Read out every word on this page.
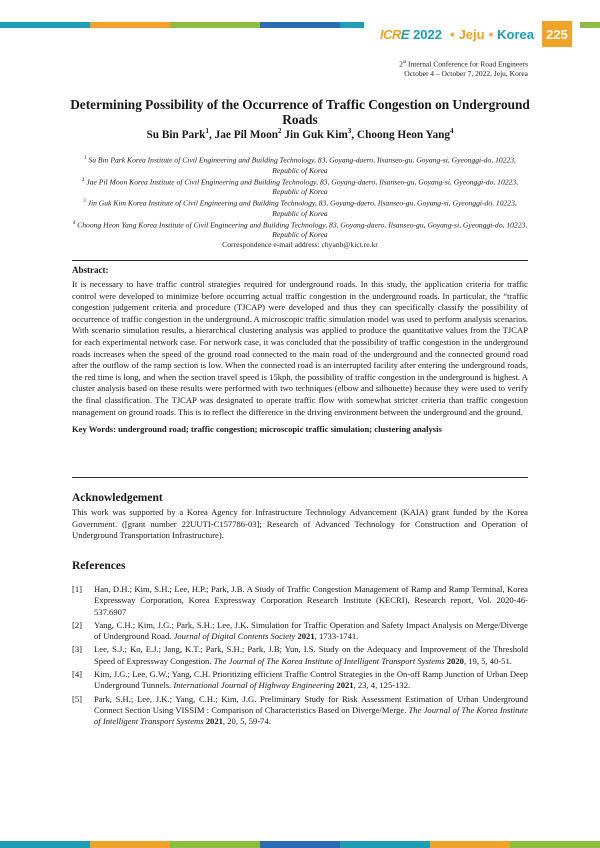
ICRE 2022 • Jeju • Korea 225
2st Internal Conference for Road Engineers
October 4 – October 7, 2022, Jeju, Korea
Determining Possibility of the Occurrence of Traffic Congestion on Underground Roads
Su Bin Park$^1$, Jae Pil Moon$^2$ Jin Guk Kim$^3$, Choong Heon Yang$^4$
$^1$ Su Bin Park Korea Institute of Civil Engineering and Building Technology, 83, Goyang-daero, Ilsanseo-gu, Goyang-si, Gyeonggi-do, 10223, Republic of Korea
$^2$ Jae Pil Moon Korea Institute of Civil Engineering and Building Technology, 83, Goyang-daero, Ilsanseo-gu, Goyang-si, Gyeonggi-do, 10223, Republic of Korea
$^3$ Jin Guk Kim Korea Institute of Civil Engineering and Building Technology, 83, Goyang-daero, Ilsanseo-gu, Goyang-si, Gyeonggi-do, 10223, Republic of Korea
$^4$ Choong Heon Yang Korea Institute of Civil Engineering and Building Technology, 83, Goyang-daero, Ilsanseo-gu, Goyang-si, Gyeonggi-do, 10223, Republic of Korea
Correspondence e-mail address: chyanb@kict.re.kr
Abstract:

It is necessary to have traffic control strategies required for underground roads. In this study, the application criteria for traffic control were developed to minimize before occurring actual traffic congestion in the underground roads. In particular, the “traffic congestion judgement criteria and procedure (TJCAP) were developed and thus they can specifically classify the possibility of occurrence of traffic congestion in the underground. A microscopic traffic simulation model was used to perform analysis scenarios. With scenario simulation results, a hierarchical clustering analysis was applied to produce the quantitative values from the TJCAP for each experimental network case. For network case, it was concluded that the possibility of traffic congestion in the underground roads increases when the speed of the ground road connected to the main road of the underground and the connected ground road after the outflow of the ramp section is low. When the connected road is an interrupted facility after entering the underground roads, the red time is long, and when the section travel speed is 15kph, the possibility of traffic congestion in the underground is highest. A cluster analysis based on these results were performed with two techniques (elbow and silhouette) because they were used to verify the final classification. The TJCAP was designated to operate traffic flow with somewhat stricter criteria than traffic congestion management on ground roads. This is to reflect the difference in the driving environment between the underground and the ground.

Key Words: underground road; traffic congestion; microscopic traffic simulation; clustering analysis

Acknowledgement

This work was supported by a Korea Agency for Infrastructure Technology Advancement (KAIA) grant funded by the Korea Government. ([grant number 22UUTI-C157786-03]; Research of Advanced Technology for Construction and Operation of Underground Transportation Infrastructure).

References
[1]	Han, D.H.; Kim, S.H.; Lee, H.P.; Park, J.B. A Study of Traffic Congestion Management of Ramp and Ramp Terminal, Korea Expressway Corporation, Korea Expressway Corporation Research Institute (KECRI), Research report, Vol. 2020-46-537.6907
[2]	Yang, C.H.; Kim, J.G.; Park, S.H.; Lee, J.K. Simulation for Traffic Operation and Safety Impact Analysis on Merge/Diverge of Underground Road. Journal of Digital Contents Society 2021, 1733-1741.
[3]	Lee, S.J.; Ko, E.J.; Jang, K.T.; Park, S.H.; Park, J.B; Yun, I.S. Study on the Adequacy and Improvement of the Threshold Speed of Expressway Congestion. The Journal of The Korea Institute of Intelligent Transport Systems 2020, 19, 5, 40-51.
[4]	Kim, J.G.; Lee, G.W.; Yang, C.H. Prioritizing efficient Traffic Control Strategies in the On-off Ramp Junction of Urban Deep Underground Tunnels. International Journal of Highway Engineering 2021, 23, 4, 125-132.
[5]	Park, S.H.; Lee, J.K.; Yang, C.H.; Kim, J.G. Preliminary Study for Risk Assessment Estimation of Urban Underground Connect Section Using VISSIM : Comparison of Characteristics Based on Diverge/Merge. The Journal of The Korea Institute of Intelligent Transport Systems 2021, 20, 5, 59-74.
